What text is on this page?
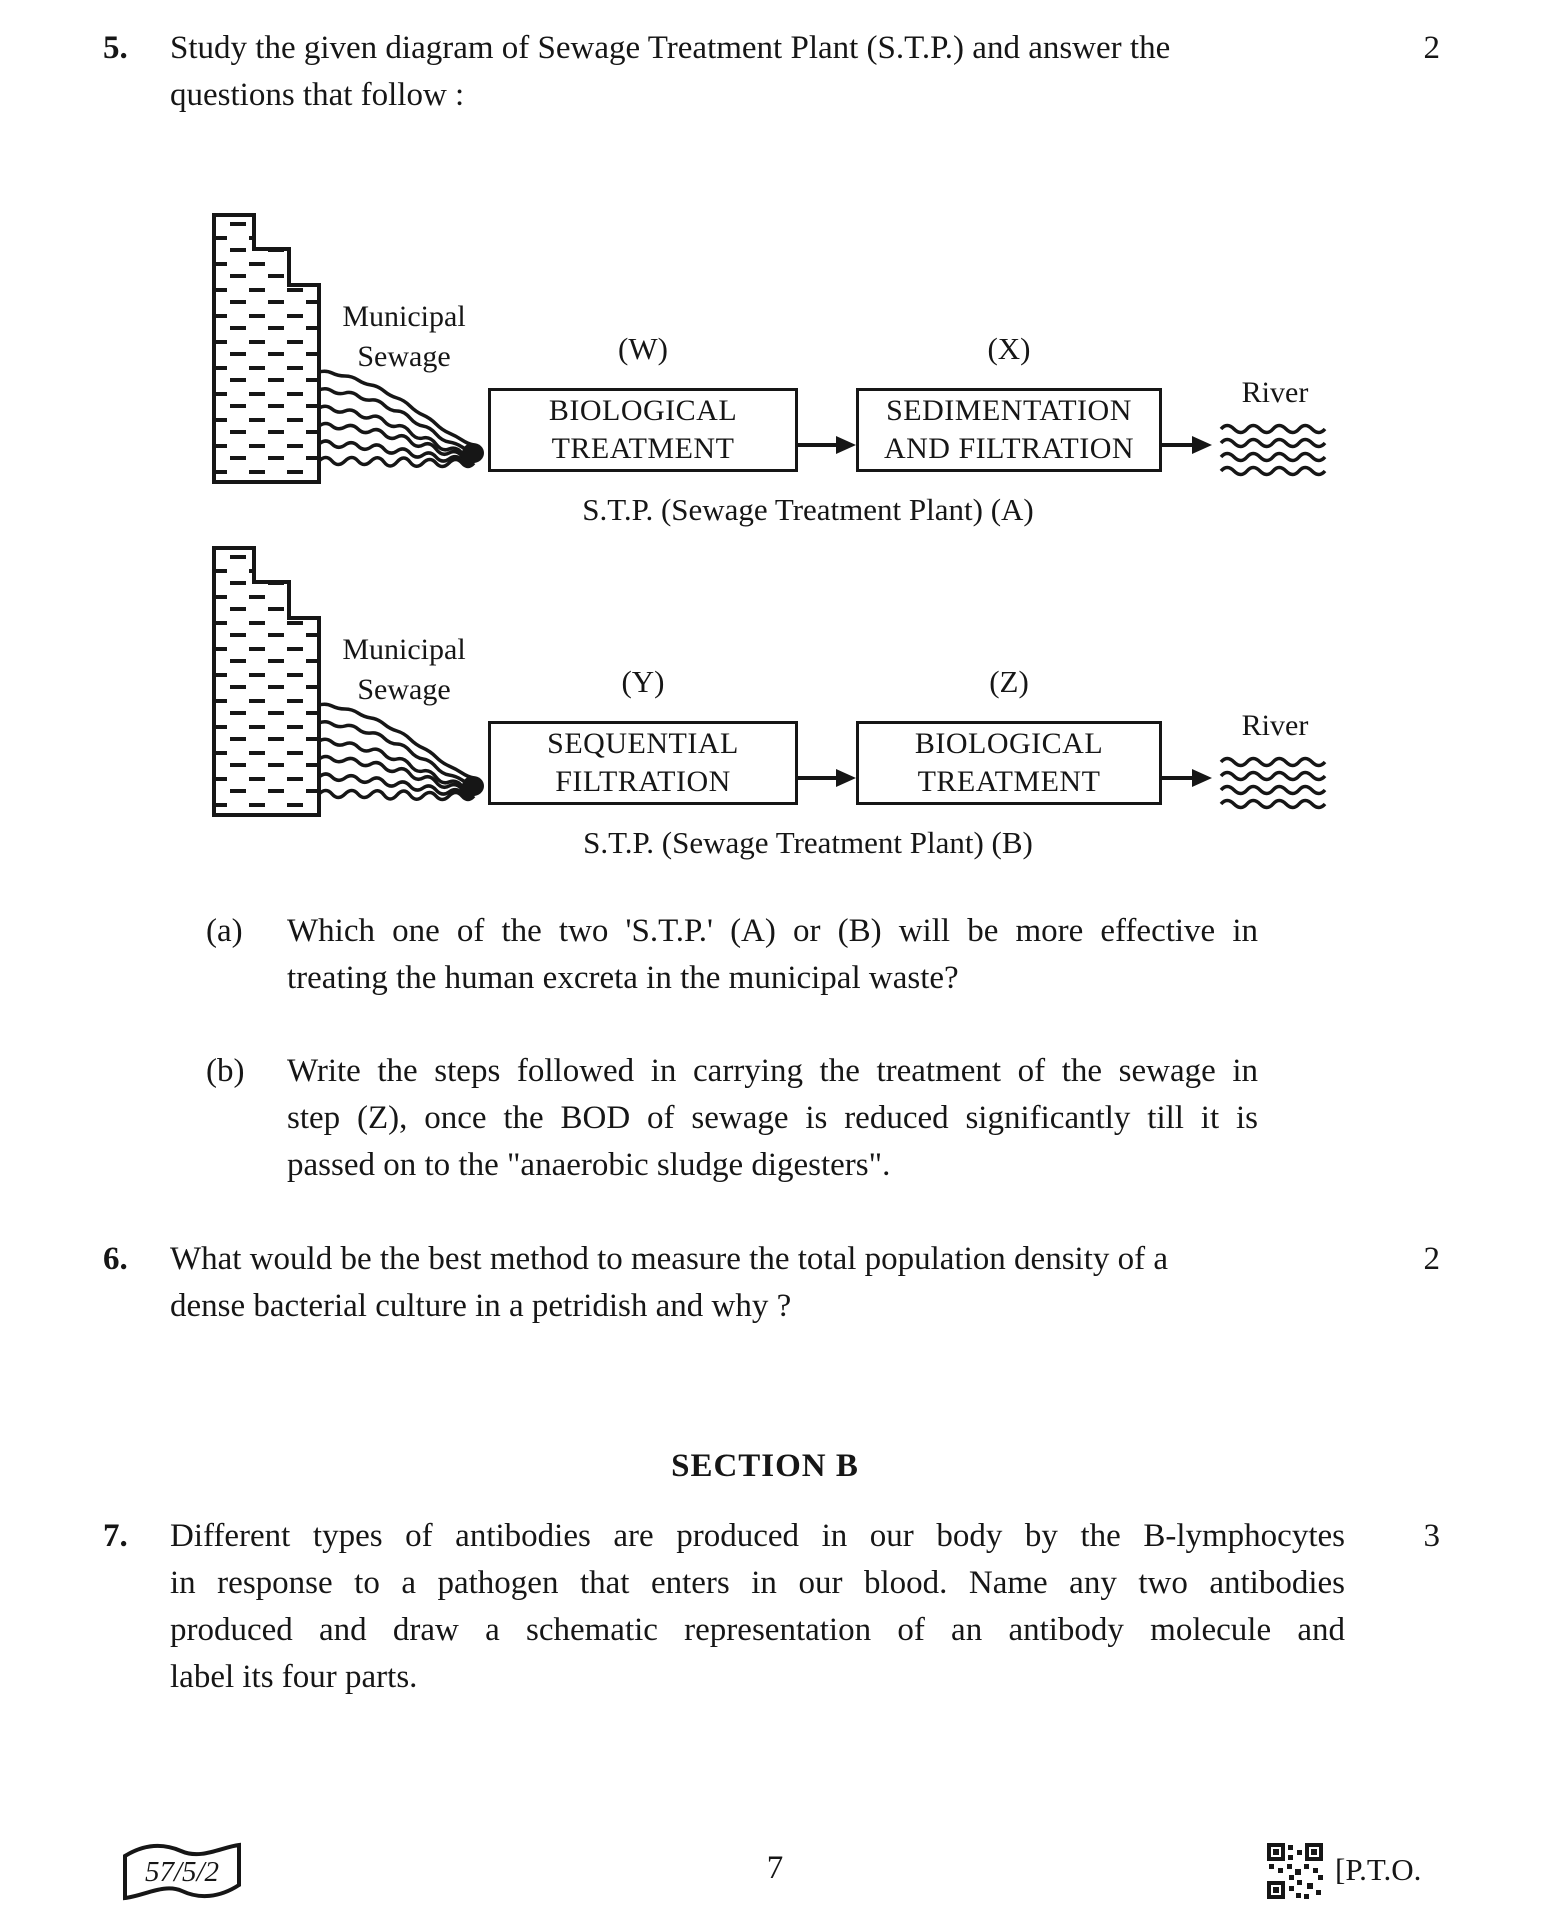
5. Study the given diagram of Sewage Treatment Plant (S.T.P.) and answer the
questions that follow :
2
Municipal
Sewage	(W)
BIOLOGICAL
TREATMENT
(X)
SEDIMENTATION
AND FILTRATION
River
S.T.P. (Sewage Treatment Plant) (A)
Municipal
Sewage	(Y)
SEQUENTIAL
FILTRATION
(Z)
BIOLOGICAL
TREATMENT
River
S.T.P. (Sewage Treatment Plant) (B)
(a) Which one of the two 'S.T.P.' (A) or (B) will be more effective in
treating the human excreta in the municipal waste?
(b) Write the steps followed in carrying the treatment of the sewage in
step (Z), once the BOD of sewage is reduced significantly till it is
passed on to the "anaerobic sludge digesters".
6. What would be the best method to measure the total population density of a
dense bacterial culture in a petridish and why ?
2
SECTION B
7. Different types of antibodies are produced in our body by the B-lymphocytes
in response to a pathogen that enters in our blood. Name any two antibodies
produced and draw a schematic representation of an antibody molecule and
label its four parts.
3
57/5/2	7	[P.T.O.
